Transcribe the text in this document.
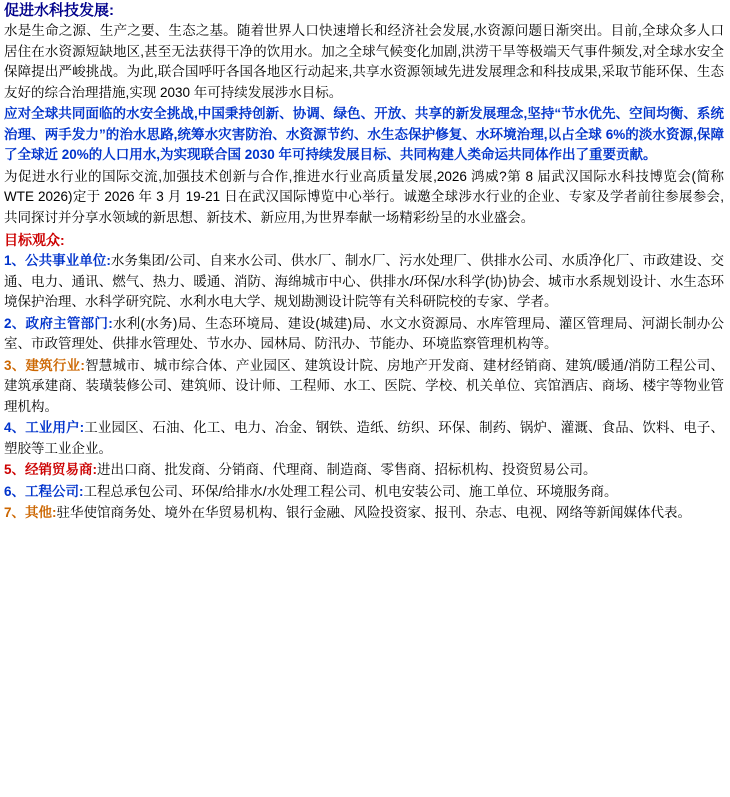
促进水科技发展:

水是生命之源、生产之要、生态之基。随着世界人口快速增长和经济社会发展,水资源问题日渐突出。目前,全球众多人口居住在水资源短缺地区,甚至无法获得干净的饮用水。加之全球气候变化加剧,洪涝干旱等极端天气事件频发,对全球水安全保障提出严峻挑战。为此,联合国呼吁各国各地区行动起来,共享水资源领域先进发展理念和科技成果,采取节能环保、生态友好的综合治理措施,实现 2030 年可持续发展涉水目标。

应对全球共同面临的水安全挑战,中国秉持创新、协调、绿色、开放、共享的新发展理念,坚持“节水优先、空间均衡、系统治理、两手发力”的治水思路,统筹水灾害防治、水资源节约、水生态保护修复、水环境治理,以占全球 6%的淡水资源,保障了全球近 20%的人口用水,为实现联合国 2030 年可持续发展目标、共同构建人类命运共同体作出了重要贡献。

为促进水行业的国际交流,加强技术创新与合作,推进水行业高质量发展,2026 鸿威?第 8 届武汉国际水科技博览会(简称 WTE 2026)定于 2026 年 3 月 19-21 日在武汉国际博览中心举行。诚邀全球涉水行业的企业、专家及学者前往参展参会,共同探讨并分享水领域的新思想、新技术、新应用,为世界奉献一场精彩纷呈的水业盛会。

目标观众:
1、公共事业单位:水务集团/公司、自来水公司、供水厂、制水厂、污水处理厂、供排水公司、水质净化厂、市政建设、交通、电力、通讯、燃气、热力、暖通、消防、海绵城市中心、供排水/环保/水科学(协)协会、城市水系规划设计、水生态环境保护治理、水科学研究院、水利水电大学、规划勘测设计院等有关科研院校的专家、学者。
2、政府主管部门:水利(水务)局、生态环境局、建设(城建)局、水文水资源局、水库管理局、灌区管理局、河湖长制办公室、市政管理处、供排水管理处、节水办、园林局、防汛办、节能办、环境监察管理机构等。
3、建筑行业:智慧城市、城市综合体、产业园区、建筑设计院、房地产开发商、建材经销商、建筑/暖通/消防工程公司、建筑承建商、装璜装修公司、建筑师、设计师、工程师、水工、医院、学校、机关单位、宾馆酒店、商场、楼宇等物业管理机构。
4、工业用户:工业园区、石油、化工、电力、冶金、钢铁、造纸、纺织、环保、制药、锅炉、灌溉、食品、饮料、电子、塑胶等工业企业。
5、经销贸易商:进出口商、批发商、分销商、代理商、制造商、零售商、招标机构、投资贸易公司。
6、工程公司:工程总承包公司、环保/给排水/水处理工程公司、机电安装公司、施工单位、环境服务商。
7、其他:驻华使馆商务处、境外在华贸易机构、银行金融、风险投资家、报刊、杂志、电视、网络等新闻媒体代表。
